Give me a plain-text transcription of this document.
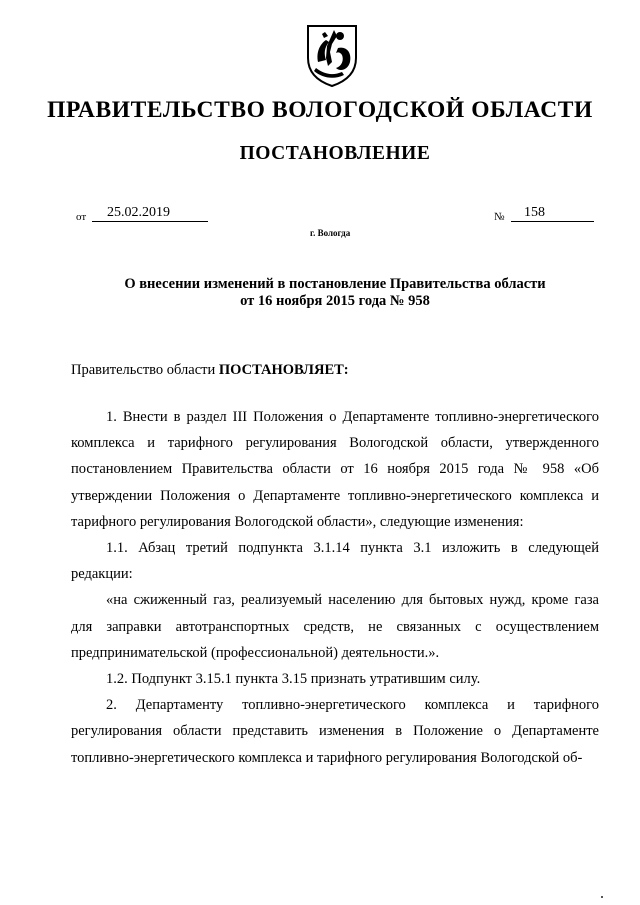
ПРАВИТЕЛЬСТВО ВОЛОГОДСКОЙ ОБЛАСТИ
ПОСТАНОВЛЕНИЕ
от	25.02.2019	№	158
г. Вологда
О внесении изменений в постановление Правительства области
от 16 ноября 2015 года № 958
Правительство области ПОСТАНОВЛЯЕТ:

1. Внести в раздел III Положения о Департаменте топливно-энергетического комплекса и тарифного регулирования Вологодской области, утвержденного постановлением Правительства области от 16 ноября 2015 года № 958 «Об утверждении Положения о Департаменте топливно-энергетического комплекса и тарифного регулирования Вологодской области», следующие изменения:

1.1. Абзац третий подпункта 3.1.14 пункта 3.1 изложить в следующей редакции:

«на сжиженный газ, реализуемый населению для бытовых нужд, кроме газа для заправки автотранспортных средств, не связанных с осуществлением предпринимательской (профессиональной) деятельности.».

1.2. Подпункт 3.15.1 пункта 3.15 признать утратившим силу.

2. Департаменту топливно-энергетического комплекса и тарифного регулирования области представить изменения в Положение о Департаменте топливно-энергетического комплекса и тарифного регулирования Вологодской об-
